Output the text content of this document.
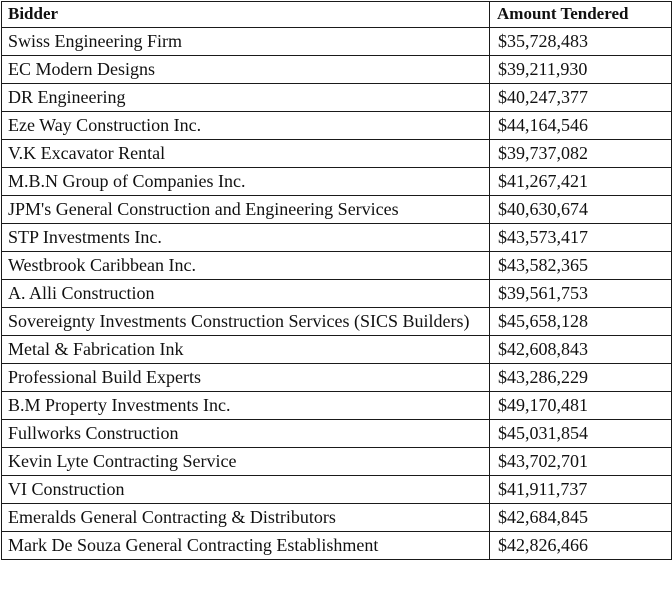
Bidder	Amount Tendered
Swiss Engineering Firm	$35,728,483
EC Modern Designs	$39,211,930
DR Engineering	$40,247,377
Eze Way Construction Inc.	$44,164,546
V.K Excavator Rental	$39,737,082
M.B.N Group of Companies Inc.	$41,267,421
JPM's General Construction and Engineering Services	$40,630,674
STP Investments Inc.	$43,573,417
Westbrook Caribbean Inc.	$43,582,365
A. Alli Construction	$39,561,753
Sovereignty Investments Construction Services (SICS Builders)	$45,658,128
Metal & Fabrication Ink	$42,608,843
Professional Build Experts	$43,286,229
B.M Property Investments Inc.	$49,170,481
Fullworks Construction	$45,031,854
Kevin Lyte Contracting Service	$43,702,701
VI Construction	$41,911,737
Emeralds General Contracting & Distributors	$42,684,845
Mark De Souza General Contracting Establishment	$42,826,466
